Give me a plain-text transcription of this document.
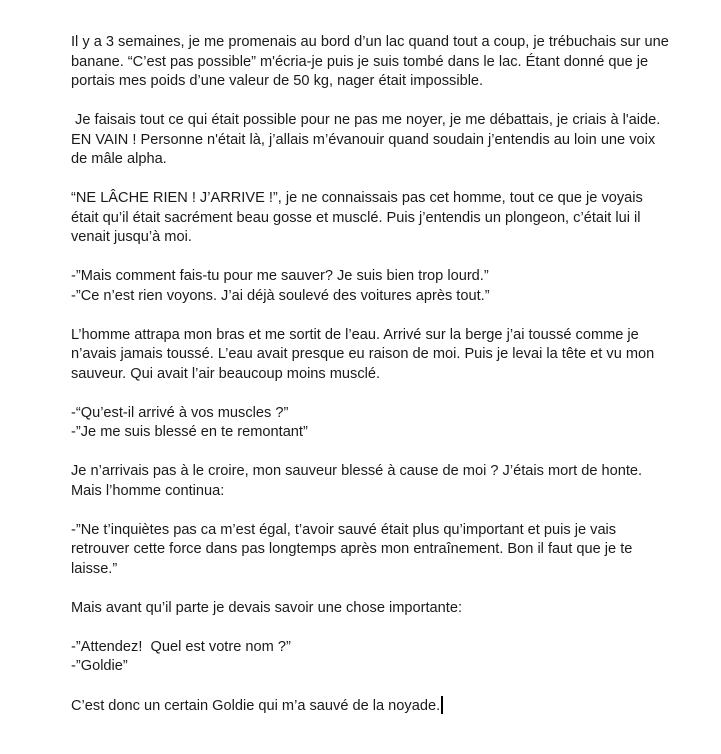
Il y a 3 semaines, je me promenais au bord d’un lac quand tout a coup, je trébuchais sur une
banane. “C’est pas possible” m'écria-je puis je suis tombé dans le lac. Étant donné que je
portais mes poids d’une valeur de 50 kg, nager était impossible.

Je faisais tout ce qui était possible pour ne pas me noyer, je me débattais, je criais à l'aide.
EN VAIN ! Personne n'était là, j’allais m’évanouir quand soudain j’entendis au loin une voix
de mâle alpha.

“NE LÂCHE RIEN ! J’ARRIVE !”, je ne connaissais pas cet homme, tout ce que je voyais
était qu’il était sacrément beau gosse et musclé. Puis j’entendis un plongeon, c’était lui il
venait jusqu’à moi.

-”Mais comment fais-tu pour me sauver? Je suis bien trop lourd.”
-”Ce n’est rien voyons. J’ai déjà soulevé des voitures après tout.”

L’homme attrapa mon bras et me sortit de l’eau. Arrivé sur la berge j’ai toussé comme je
n’avais jamais toussé. L’eau avait presque eu raison de moi. Puis je levai la tête et vu mon
sauveur. Qui avait l’air beaucoup moins musclé.

-“Qu’est-il arrivé à vos muscles ?”
-”Je me suis blessé en te remontant”

Je n’arrivais pas à le croire, mon sauveur blessé à cause de moi ? J’étais mort de honte.
Mais l’homme continua:

-”Ne t’inquiètes pas ca m’est égal, t’avoir sauvé était plus qu’important et puis je vais
retrouver cette force dans pas longtemps après mon entraînement. Bon il faut que je te
laisse.”

Mais avant qu’il parte je devais savoir une chose importante:

-”Attendez!  Quel est votre nom ?”
-”Goldie”

C’est donc un certain Goldie qui m’a sauvé de la noyade.
